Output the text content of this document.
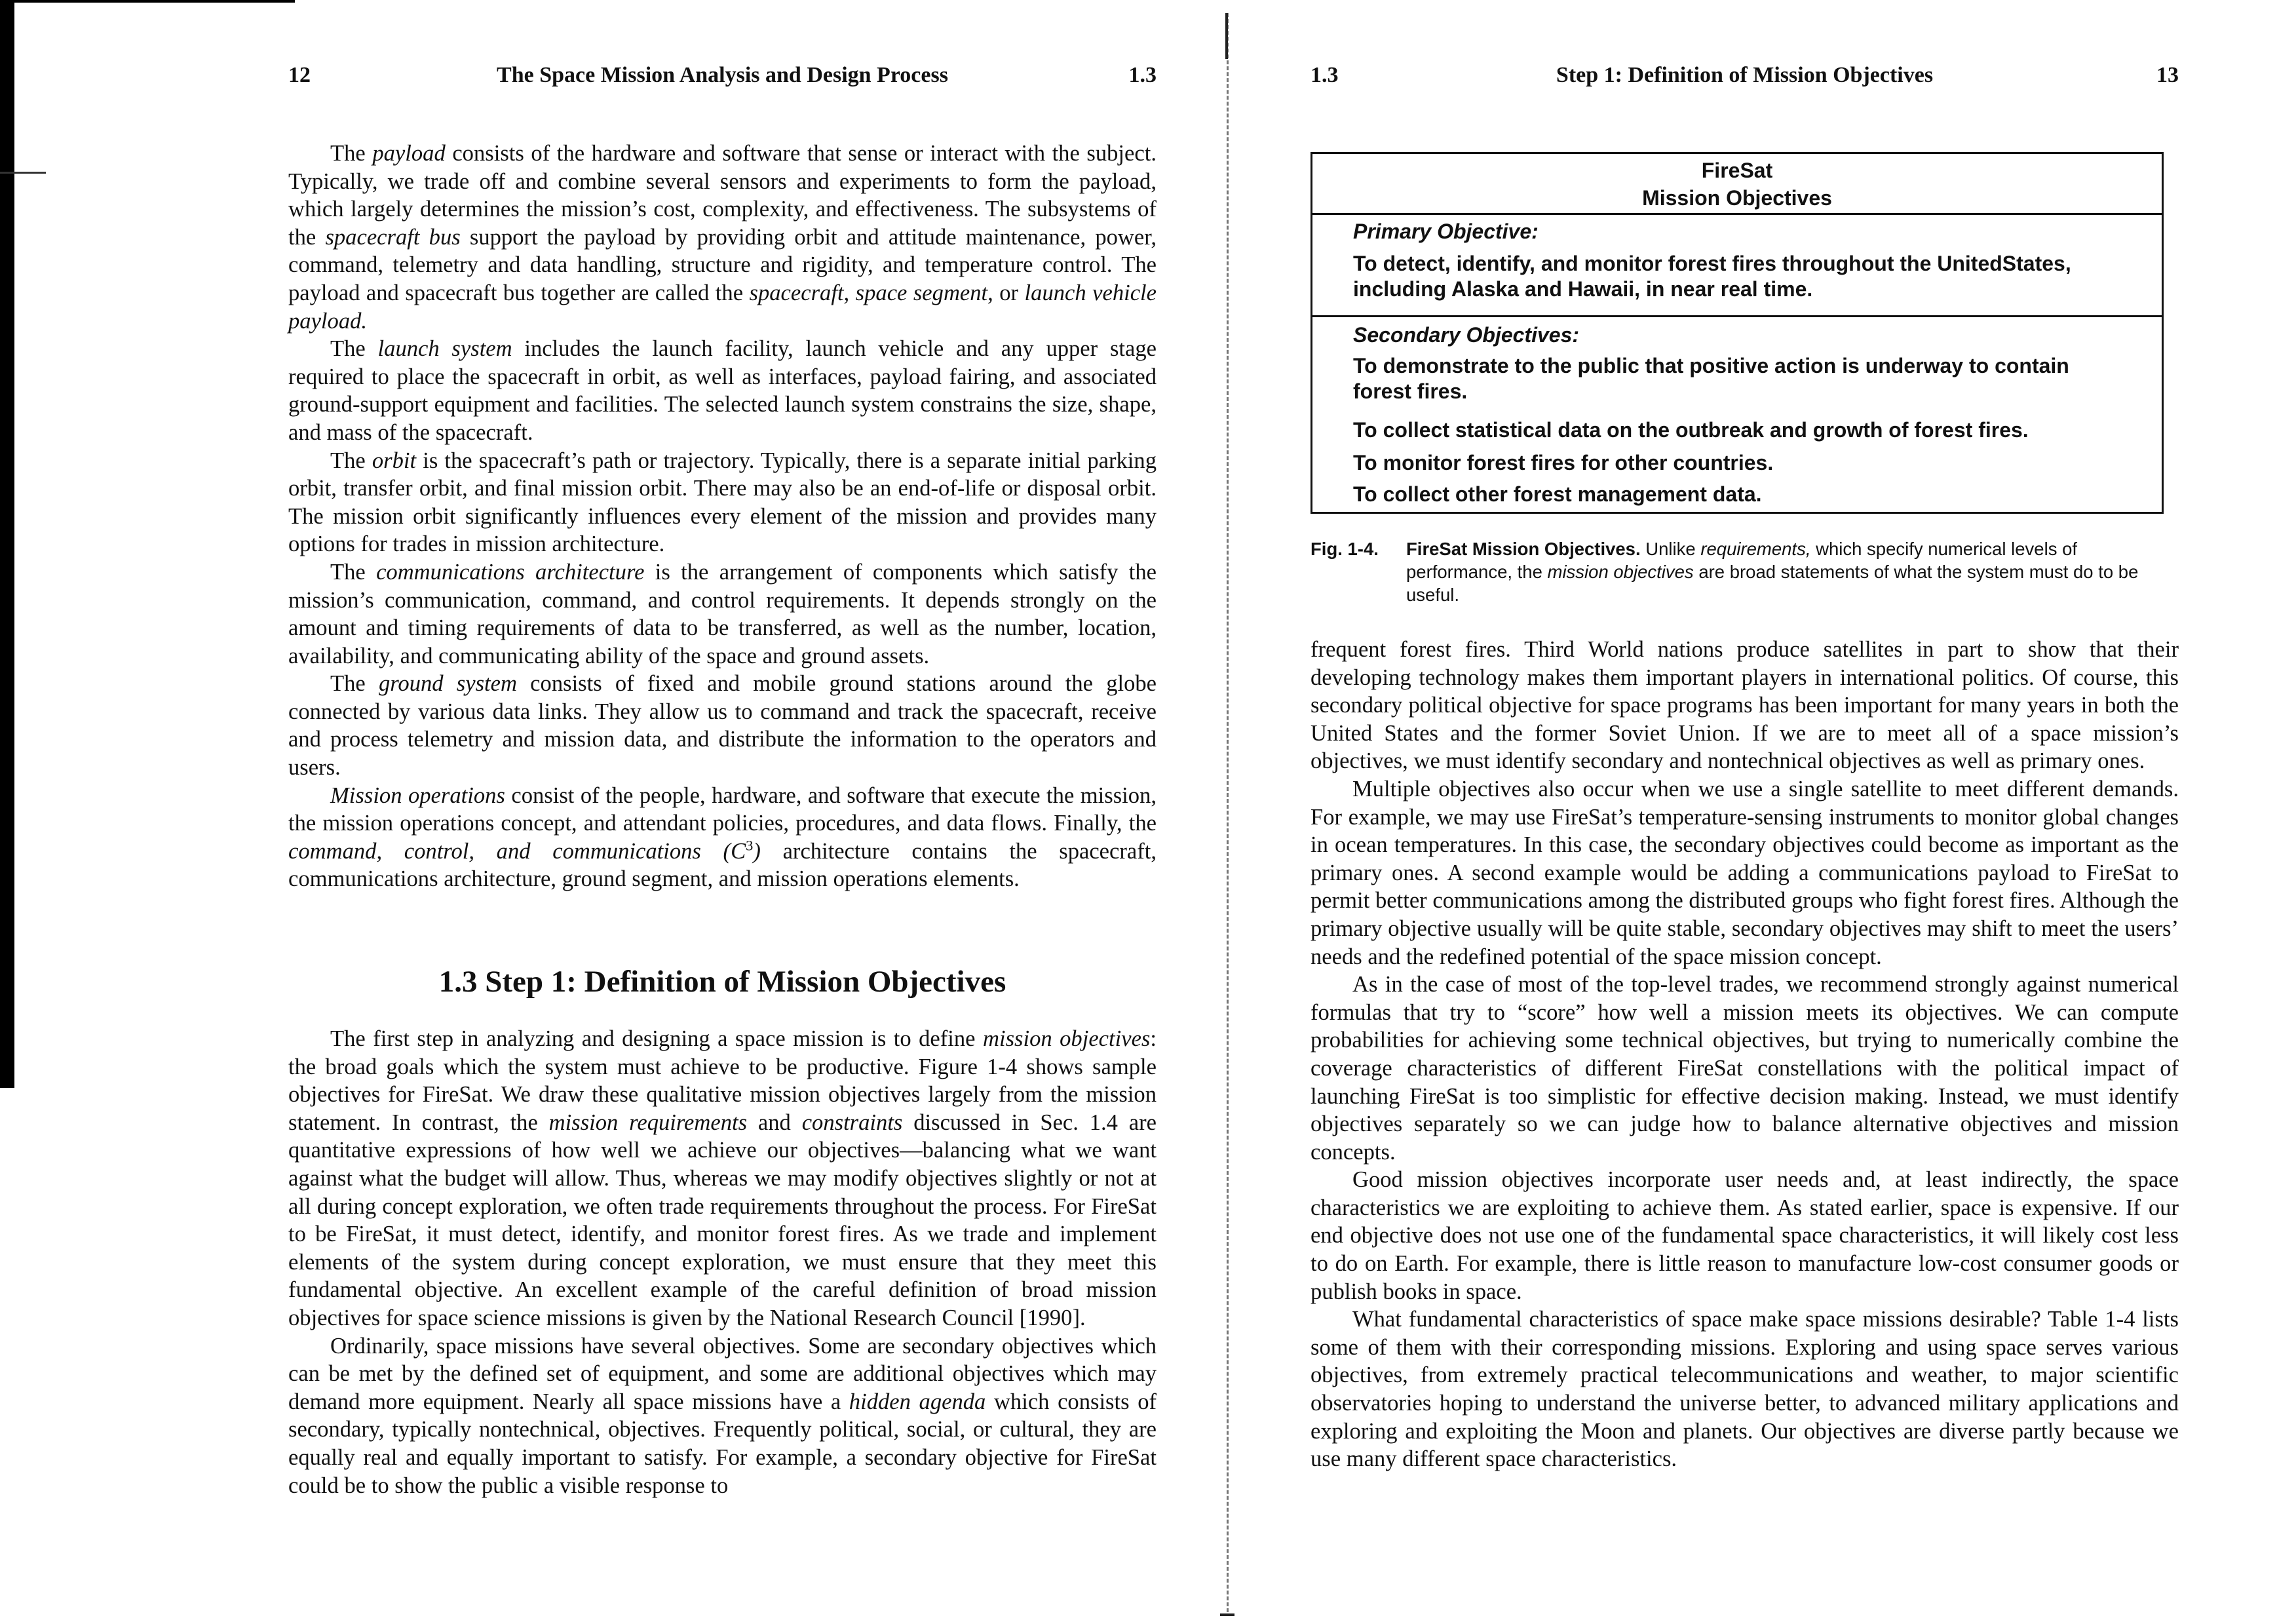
12	The Space Mission Analysis and Design Process	1.3

The payload consists of the hardware and software that sense or interact with the subject. Typically, we trade off and combine several sensors and experiments to form the payload, which largely determines the mission’s cost, complexity, and effectiveness. The subsystems of the spacecraft bus support the payload by providing orbit and attitude maintenance, power, command, telemetry and data handling, structure and rigidity, and temperature control. The payload and spacecraft bus together are called the spacecraft, space segment, or launch vehicle payload.

The launch system includes the launch facility, launch vehicle and any upper stage required to place the spacecraft in orbit, as well as interfaces, payload fairing, and associated ground-support equipment and facilities. The selected launch system constrains the size, shape, and mass of the spacecraft.

The orbit is the spacecraft’s path or trajectory. Typically, there is a separate initial parking orbit, transfer orbit, and final mission orbit. There may also be an end-of-life or disposal orbit. The mission orbit significantly influences every element of the mission and provides many options for trades in mission architecture.

The communications architecture is the arrangement of components which satisfy the mission’s communication, command, and control requirements. It depends strongly on the amount and timing requirements of data to be transferred, as well as the number, location, availability, and communicating ability of the space and ground assets.

The ground system consists of fixed and mobile ground stations around the globe connected by various data links. They allow us to command and track the spacecraft, receive and process telemetry and mission data, and distribute the information to the operators and users.

Mission operations consist of the people, hardware, and software that execute the mission, the mission operations concept, and attendant policies, procedures, and data flows. Finally, the command, control, and communications $(C^3)$ architecture contains the spacecraft, communications architecture, ground segment, and mission operations elements.

1.3 Step 1: Definition of Mission Objectives

The first step in analyzing and designing a space mission is to define mission objectives: the broad goals which the system must achieve to be productive. Figure 1-4 shows sample objectives for FireSat. We draw these qualitative mission objectives largely from the mission statement. In contrast, the mission requirements and constraints discussed in Sec. 1.4 are quantitative expressions of how well we achieve our objectives—balancing what we want against what the budget will allow. Thus, whereas we may modify objectives slightly or not at all during concept exploration, we often trade requirements throughout the process. For FireSat to be FireSat, it must detect, identify, and monitor forest fires. As we trade and implement elements of the system during concept exploration, we must ensure that they meet this fundamental objective. An excellent example of the careful definition of broad mission objectives for space science missions is given by the National Research Council [1990].

Ordinarily, space missions have several objectives. Some are secondary objectives which can be met by the defined set of equipment, and some are additional objectives which may demand more equipment. Nearly all space missions have a hidden agenda which consists of secondary, typically nontechnical, objectives. Frequently political, social, or cultural, they are equally real and equally important to satisfy. For example, a secondary objective for FireSat could be to show the public a visible response to

1.3	Step 1: Definition of Mission Objectives	13
FireSat
Mission Objectives
Primary Objective:
To detect, identify, and monitor forest fires throughout the UnitedStates, including Alaska and Hawaii, in near real time.
Secondary Objectives:
To demonstrate to the public that positive action is underway to contain forest fires.
To collect statistical data on the outbreak and growth of forest fires.
To monitor forest fires for other countries.
To collect other forest management data.
Fig. 1-4. FireSat Mission Objectives. Unlike requirements, which specify numerical levels of performance, the mission objectives are broad statements of what the system must do to be useful.

frequent forest fires. Third World nations produce satellites in part to show that their developing technology makes them important players in international politics. Of course, this secondary political objective for space programs has been important for many years in both the United States and the former Soviet Union. If we are to meet all of a space mission’s objectives, we must identify secondary and nontechnical objectives as well as primary ones.

Multiple objectives also occur when we use a single satellite to meet different demands. For example, we may use FireSat’s temperature-sensing instruments to monitor global changes in ocean temperatures. In this case, the secondary objectives could become as important as the primary ones. A second example would be adding a communications payload to FireSat to permit better communications among the distributed groups who fight forest fires. Although the primary objective usually will be quite stable, secondary objectives may shift to meet the users’ needs and the redefined potential of the space mission concept.

As in the case of most of the top-level trades, we recommend strongly against numerical formulas that try to “score” how well a mission meets its objectives. We can compute probabilities for achieving some technical objectives, but trying to numerically combine the coverage characteristics of different FireSat constellations with the political impact of launching FireSat is too simplistic for effective decision making. Instead, we must identify objectives separately so we can judge how to balance alternative objectives and mission concepts.

Good mission objectives incorporate user needs and, at least indirectly, the space characteristics we are exploiting to achieve them. As stated earlier, space is expensive. If our end objective does not use one of the fundamental space characteristics, it will likely cost less to do on Earth. For example, there is little reason to manufacture low-cost consumer goods or publish books in space.

What fundamental characteristics of space make space missions desirable? Table 1-4 lists some of them with their corresponding missions. Exploring and using space serves various objectives, from extremely practical telecommunications and weather, to major scientific observatories hoping to understand the universe better, to advanced military applications and exploring and exploiting the Moon and planets. Our objectives are diverse partly because we use many different space characteristics.
